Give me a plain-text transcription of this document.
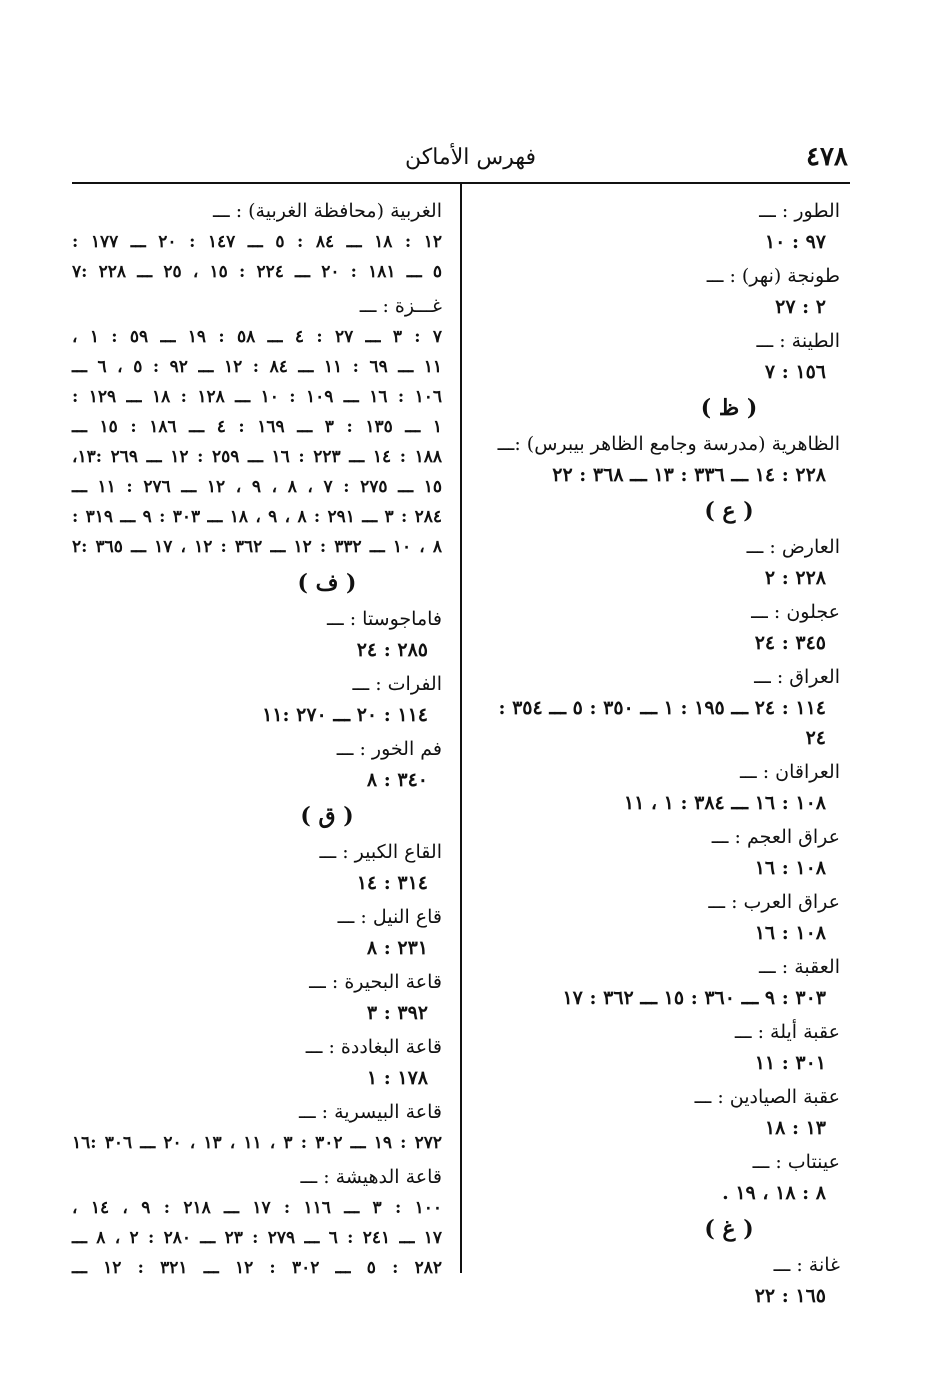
٤٧٨
فهرس الأماكن
الطور : ـــ
٩٧ : ١٠
طونجة (نهر) : ـــ
٢ : ٢٧
الطينة : ـــ
١٥٦ : ٧
( ظ )
الظاهرية (مدرسة وجامع الظاهر بيبرس) :ـــ
٢٢٨ : ١٤ ـــ ٣٣٦ : ١٣ ـــ ٣٦٨ : ٢٢
( ع )
العارض : ـــ
٢٢٨ : ٢
عجلون : ـــ
٣٤٥ : ٢٤
العراق : ـــ
١١٤ : ٢٤ ـــ ١٩٥ : ١ ـــ ٣٥٠ : ٥ ـــ ٣٥٤ : ٢٤
العراقان : ـــ
١٠٨ : ١٦ ـــ ٣٨٤ : ١ ، ١١
عراق العجم : ـــ
١٠٨ : ١٦
عراق العرب : ـــ
١٠٨ : ١٦
العقبة : ـــ
٣٠٣ : ٩ ـــ ٣٦٠ : ١٥ ـــ ٣٦٢ : ١٧
عقبة أيلة : ـــ
٣٠١ : ١١
عقبة الصيادين : ـــ
١٣ : ١٨
عينتاب : ـــ
٨ : ١٨ ، ١٩ .
( غ )
غانة : ـــ
١٦٥ : ٢٢
الغربية (محافظة الغربية) : ـــ
١٢ : ١٨ ـــ ٨٤ : ٥ ـــ ١٤٧ : ٢٠ ـــ ١٧٧ :
٥ ـــ ١٨١ : ٢٠ ـــ ٢٢٤ : ١٥ ، ٢٥ ـــ ٢٢٨ :٧
غـــزة : ـــ
٧ : ٣ ـــ ٢٧ : ٤ ـــ ٥٨ : ١٩ ـــ ٥٩ : ١ ،
١١ ـــ ٦٩ : ١١ ـــ ٨٤ : ١٢ ـــ ٩٢ : ٥ ، ٦ ـــ
١٠٦ : ١٦ ـــ ١٠٩ : ١٠ ـــ ١٢٨ : ١٨ ـــ ١٢٩ :
١ ـــ ١٣٥ : ٣ ـــ ١٦٩ : ٤ ـــ ١٨٦ : ١٥ ـــ
١٨٨ : ١٤ ـــ ٢٢٣ : ١٦ ـــ ٢٥٩ : ١٢ ـــ ٢٦٩ :١٣،
١٥ ـــ ٢٧٥ : ٧ ، ٨ ، ٩ ، ١٢ ـــ ٢٧٦ : ١١ ـــ
٢٨٤ : ٣ ـــ ٢٩١ : ٨ ، ٩ ، ١٨ ـــ ٣٠٣ : ٩ ـــ ٣١٩ :
٨ ، ١٠ ـــ ٣٣٢ : ١٢ ـــ ٣٦٢ : ١٢ ، ١٧ ـــ ٣٦٥ :٢
( ف )
فاماجوستا : ـــ
٢٨٥ : ٢٤
الفرات : ـــ
١١٤ : ٢٠ ـــ ٢٧٠ :١١
فم الخور : ـــ
٣٤٠ : ٨
( ق )
القاع الكبير : ـــ
٣١٤ : ١٤
قاع النيل : ـــ
٢٣١ : ٨
قاعة البحيرة : ـــ
٣٩٢ : ٣
قاعة البغاددة : ـــ
١٧٨ : ١
قاعة البيسرية : ـــ
٢٧٢ : ١٩ ـــ ٣٠٢ : ٣ ، ١١ ، ١٣ ، ٢٠ ـــ ٣٠٦ :١٦
قاعة الدهيشة : ـــ
١٠٠ : ٣ ـــ ١١٦ : ١٧ ـــ ٢١٨ : ٩ ، ١٤ ،
١٧ ـــ ٢٤١ : ٦ ـــ ٢٧٩ : ٢٣ ـــ ٢٨٠ : ٢ ، ٨ ـــ
٢٨٢ : ٥ ـــ ٣٠٢ : ١٢ ـــ ٣٢١ : ١٢ ـــ
